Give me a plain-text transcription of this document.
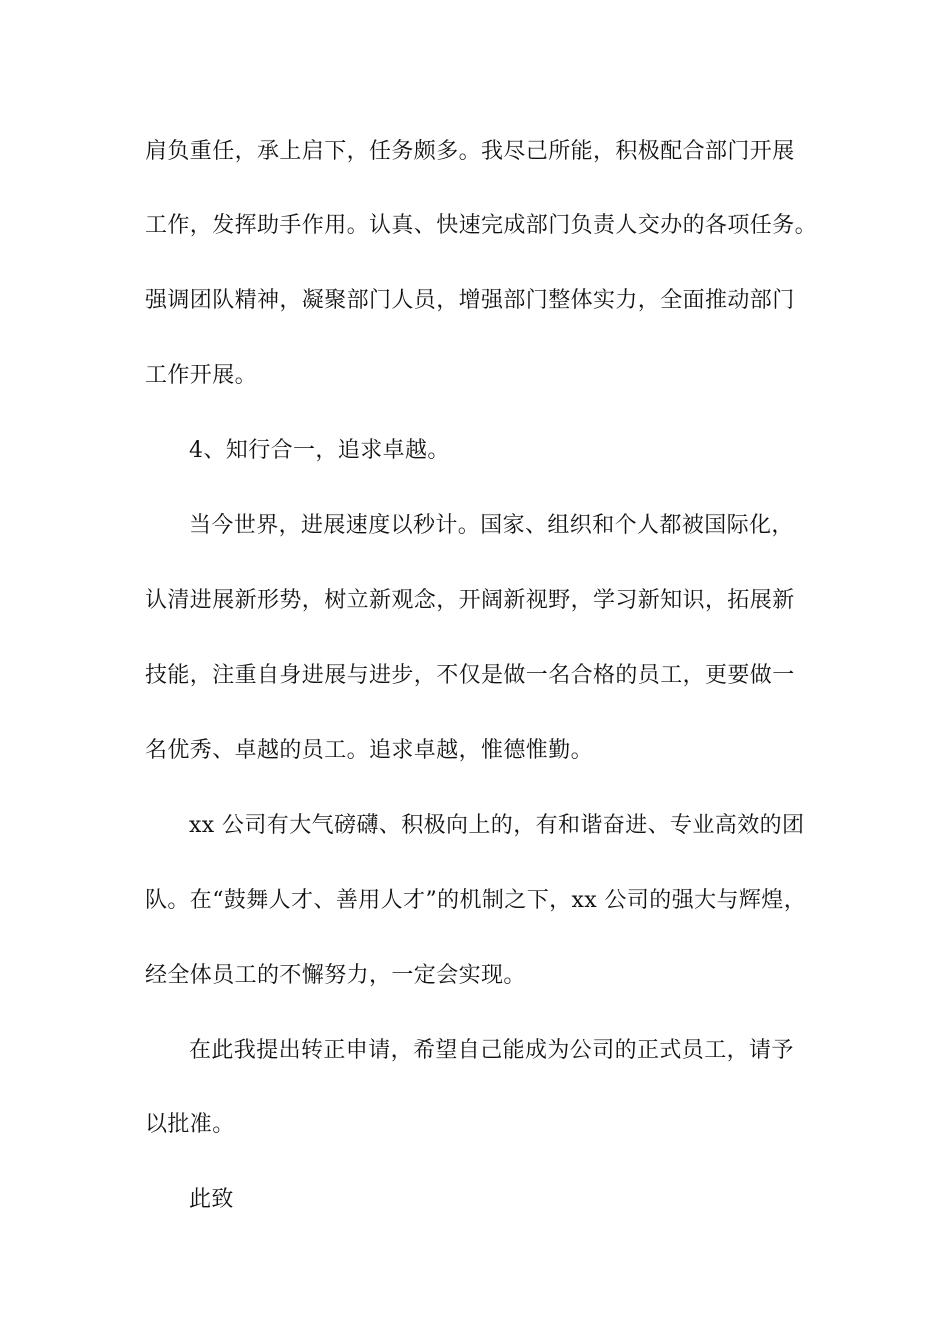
肩负重任，承上启下，任务颇多。我尽己所能，积极配合部门开展
工作，发挥助手作用。认真、快速完成部门负责人交办的各项任务。
强调团队精神，凝聚部门人员，增强部门整体实力，全面推动部门
工作开展。
4、知行合一，追求卓越。
当今世界，进展速度以秒计。国家、组织和个人都被国际化，
认清进展新形势，树立新观念，开阔新视野，学习新知识，拓展新
技能，注重自身进展与进步，不仅是做一名合格的员工，更要做一
名优秀、卓越的员工。追求卓越，惟德惟勤。
xx 公司有大气磅礴、积极向上的，有和谐奋进、专业高效的团
队。在“鼓舞人才、善用人才”的机制之下，xx 公司的强大与辉煌，
经全体员工的不懈努力，一定会实现。
在此我提出转正申请，希望自己能成为公司的正式员工，请予
以批准。
此致
